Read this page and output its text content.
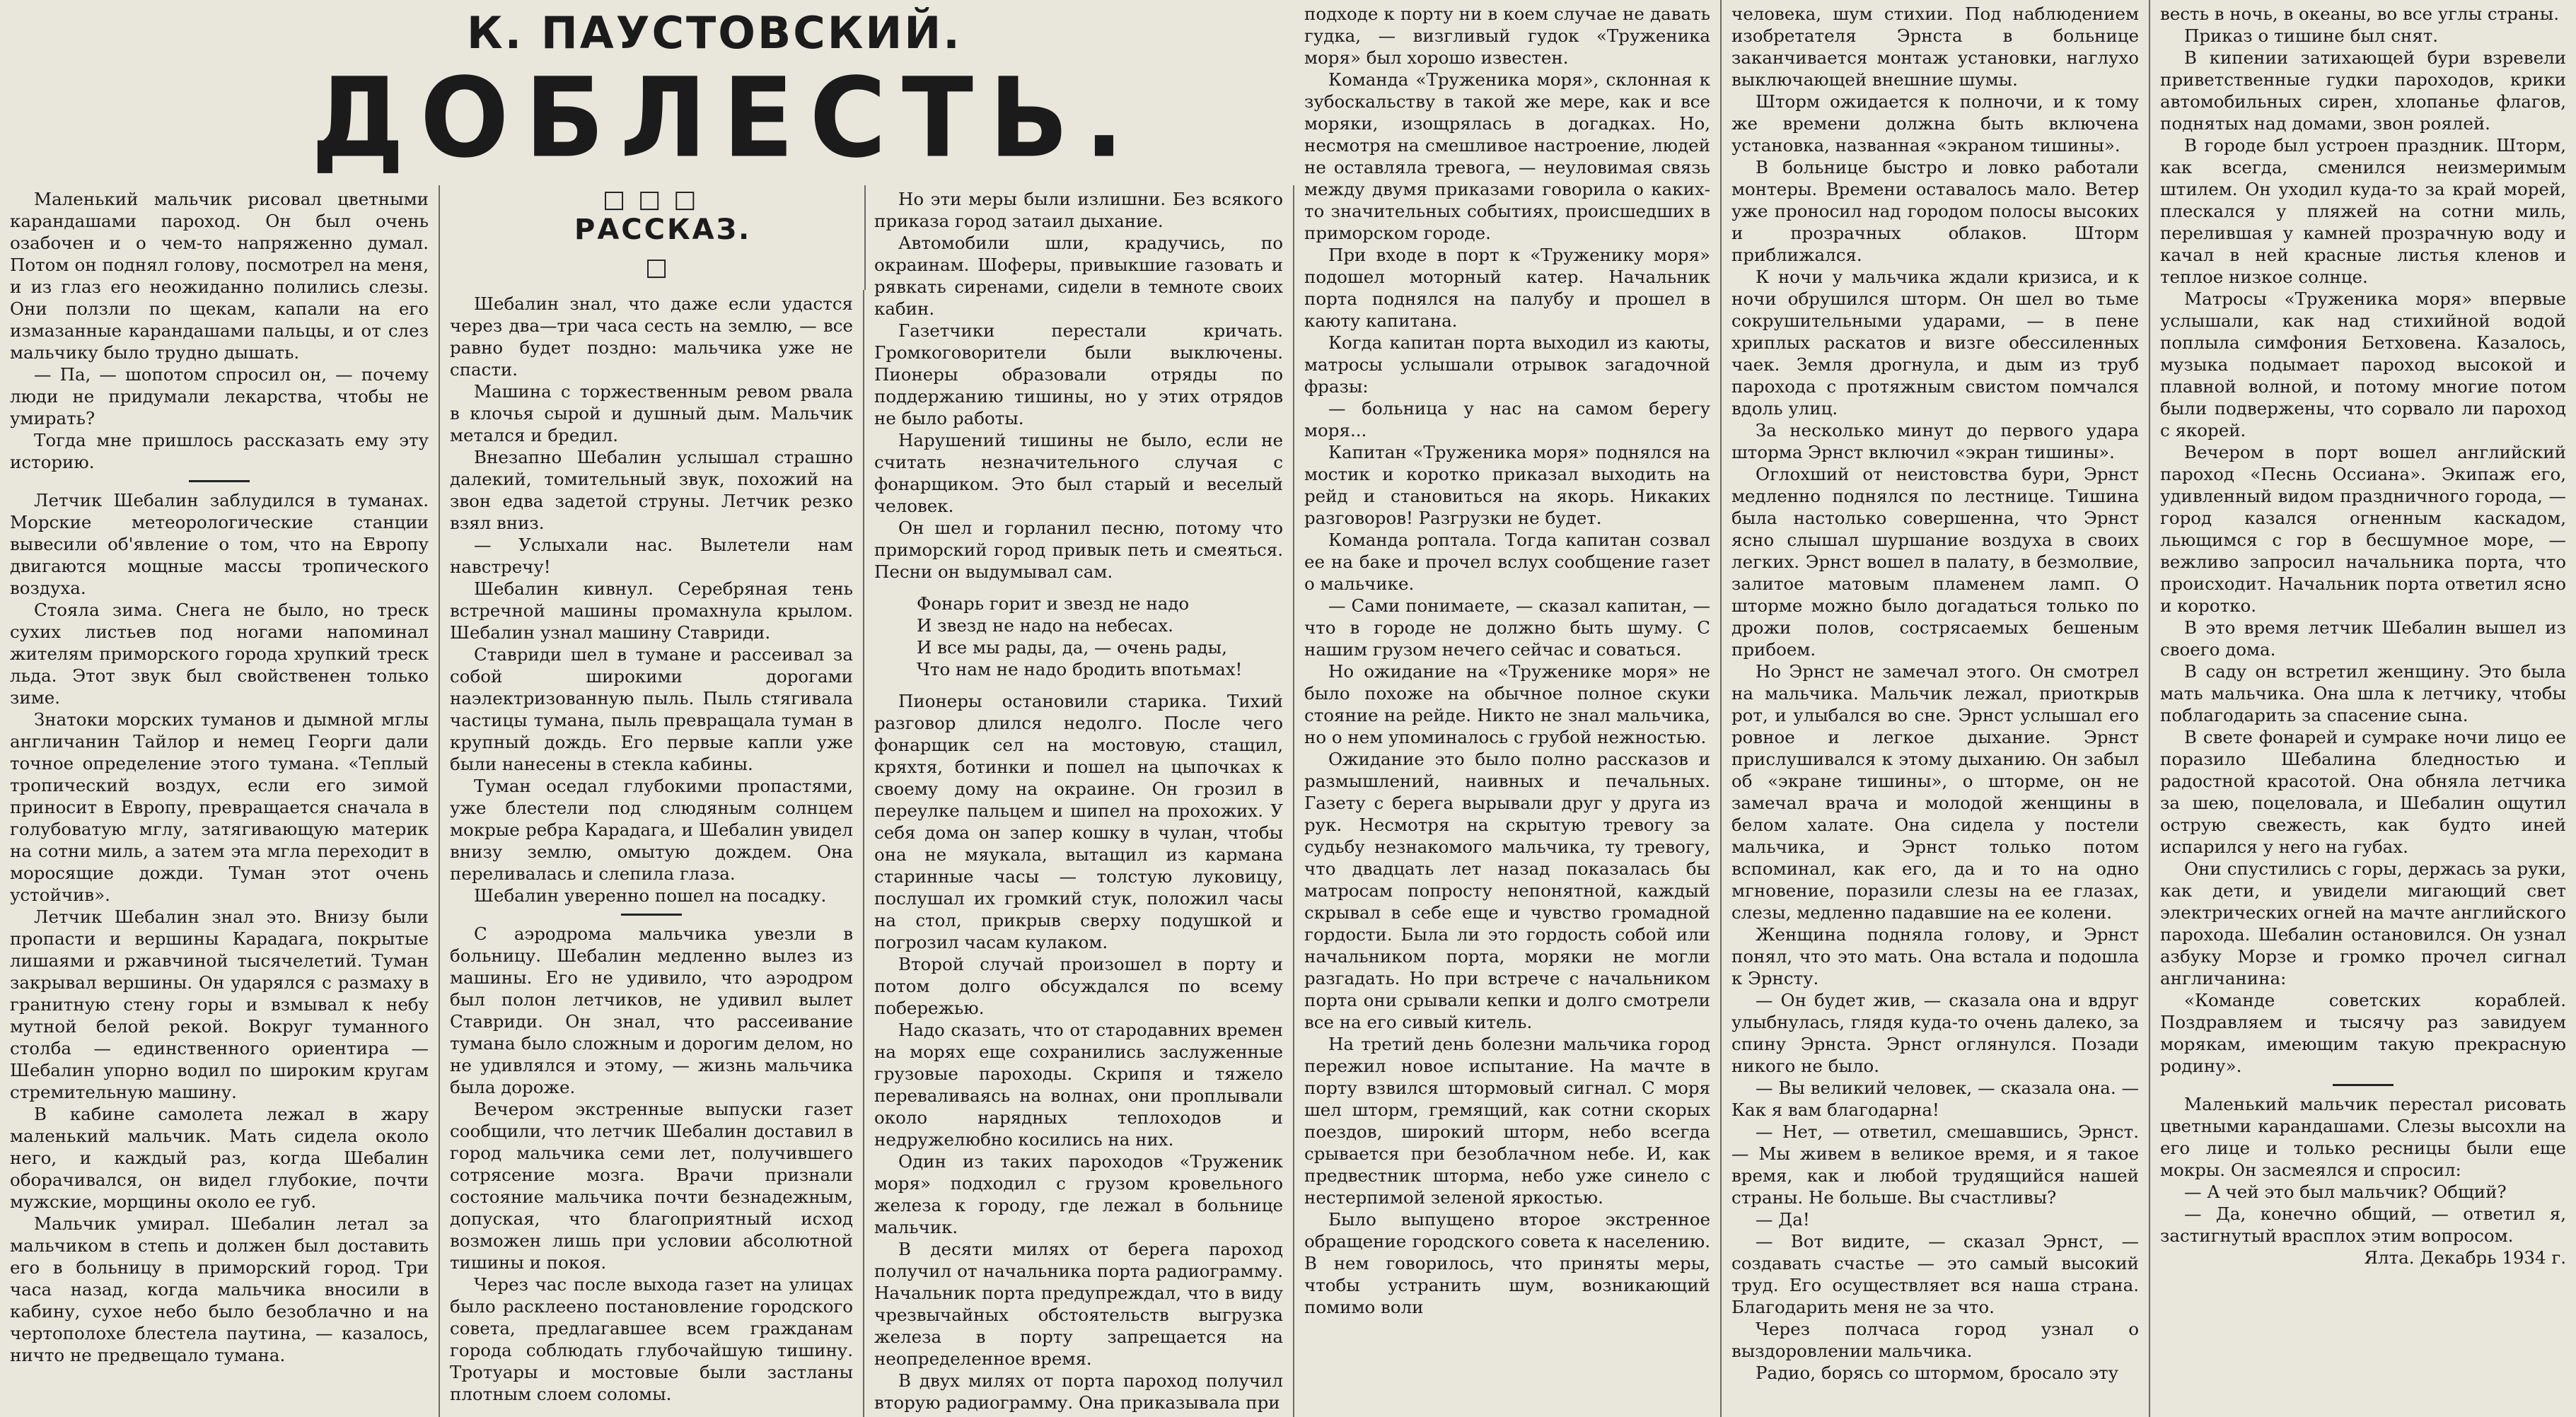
К. ПАУСТОВСКИЙ.
ДОБЛЕСТЬ.
□□□
РАССКАЗ.
□

Маленький мальчик рисовал цветными карандашами пароход. Он был очень озабочен и о чем-то напряженно думал. Потом он поднял голову, посмотрел на меня, и из глаз его неожиданно полились слезы. Они ползли по щекам, капали на его измазанные карандашами пальцы, и от слез мальчику было трудно дышать.

— Па, — шопотом спросил он, — почему люди не придумали лекарства, чтобы не умирать?

Тогда мне пришлось рассказать ему эту историю.

Летчик Шебалин заблудился в туманах. Морские метеорологические станции вывесили об'явление о том, что на Европу двигаются мощные массы тропического воздуха.

Стояла зима. Снега не было, но треск сухих листьев под ногами напоминал жителям приморского города хрупкий треск льда. Этот звук был свойственен только зиме.

Знатоки морских туманов и дымной мглы англичанин Тайлор и немец Георги дали точное определение этого тумана. «Теплый тропический воздух, если его зимой приносит в Европу, превращается сначала в голубоватую мглу, затягивающую материк на сотни миль, а затем эта мгла переходит в моросящие дожди. Туман этот очень устойчив».

Летчик Шебалин знал это. Внизу были пропасти и вершины Карадага, покрытые лишаями и ржавчиной тысячелетий. Туман закрывал вершины. Он ударялся с размаху в гранитную стену горы и взмывал к небу мутной белой рекой. Вокруг туманного столба — единственного ориентира — Шебалин упорно водил по широким кругам стремительную машину.

В кабине самолета лежал в жару маленький мальчик. Мать сидела около него, и каждый раз, когда Шебалин оборачивался, он видел глубокие, почти мужские, морщины около ее губ.

Мальчик умирал. Шебалин летал за мальчиком в степь и должен был доставить его в больницу в приморский город. Три часа назад, когда мальчика вносили в кабину, сухое небо было безоблачно и на чертополохе блестела паутина, — казалось, ничто не предвещало тумана.

Шебалин знал, что даже если удастся через два—три часа сесть на землю, — все равно будет поздно: мальчика уже не спасти.

Машина с торжественным ревом рвала в клочья сырой и душный дым. Мальчик метался и бредил.

Внезапно Шебалин услышал страшно далекий, томительный звук, похожий на звон едва задетой струны. Летчик резко взял вниз.

— Услыхали нас. Вылетели нам навстречу!

Шебалин кивнул. Серебряная тень встречной машины промахнула крылом. Шебалин узнал машину Ставриди.

Ставриди шел в тумане и рассеивал за собой широкими дорогами наэлектризованную пыль. Пыль стягивала частицы тумана, пыль превращала туман в крупный дождь. Его первые капли уже были нанесены в стекла кабины.

Туман оседал глубокими пропастями, уже блестели под слюдяным солнцем мокрые ребра Карадага, и Шебалин увидел внизу землю, омытую дождем. Она переливалась и слепила глаза.

Шебалин уверенно пошел на посадку.

С аэродрома мальчика увезли в больницу. Шебалин медленно вылез из машины. Его не удивило, что аэродром был полон летчиков, не удивил вылет Ставриди. Он знал, что рассеивание тумана было сложным и дорогим делом, но не удивлялся и этому, — жизнь мальчика была дороже.

Вечером экстренные выпуски газет сообщили, что летчик Шебалин доставил в город мальчика семи лет, получившего сотрясение мозга. Врачи признали состояние мальчика почти безнадежным, допуская, что благоприятный исход возможен лишь при условии абсолютной тишины и покоя.

Через час после выхода газет на улицах было расклеено постановление городского совета, предлагавшее всем гражданам города соблюдать глубочайшую тишину. Тротуары и мостовые были застланы плотным слоем соломы.

Но эти меры были излишни. Без всякого приказа город затаил дыхание.

Автомобили шли, крадучись, по окраинам. Шоферы, привыкшие газовать и рявкать сиренами, сидели в темноте своих кабин.

Газетчики перестали кричать. Громкоговорители были выключены. Пионеры образовали отряды по поддержанию тишины, но у этих отрядов не было работы.

Нарушений тишины не было, если не считать незначительного случая с фонарщиком. Это был старый и веселый человек.

Он шел и горланил песню, потому что приморский город привык петь и смеяться. Песни он выдумывал сам.

Фонарь горит и звезд не надо
И звезд не надо на небесах.
И все мы рады, да, — очень рады,
Что нам не надо бродить впотьмах!

Пионеры остановили старика. Тихий разговор длился недолго. После чего фонарщик сел на мостовую, стащил, кряхтя, ботинки и пошел на цыпочках к своему дому на окраине. Он грозил в переулке пальцем и шипел на прохожих. У себя дома он запер кошку в чулан, чтобы она не мяукала, вытащил из кармана старинные часы — толстую луковицу, послушал их громкий стук, положил часы на стол, прикрыв сверху подушкой и погрозил часам кулаком.

Второй случай произошел в порту и потом долго обсуждался по всему побережью.

Надо сказать, что от стародавних времен на морях еще сохранились заслуженные грузовые пароходы. Скрипя и тяжело переваливаясь на волнах, они проплывали около нарядных теплоходов и недружелюбно косились на них.

Один из таких пароходов «Труженик моря» подходил с грузом кровельного железа к городу, где лежал в больнице мальчик.

В десяти милях от берега пароход получил от начальника порта радиограмму. Начальник порта предупреждал, что в виду чрезвычайных обстоятельств выгрузка железа в порту запрещается на неопределенное время.

В двух милях от порта пароход получил вторую радиограмму. Она приказывала при

подходе к порту ни в коем случае не давать гудка, — визгливый гудок «Труженика моря» был хорошо известен.

Команда «Труженика моря», склонная к зубоскальству в такой же мере, как и все моряки, изощрялась в догадках. Но, несмотря на смешливое настроение, людей не оставляла тревога, — неуловимая связь между двумя приказами говорила о каких-то значительных событиях, происшедших в приморском городе.

При входе в порт к «Труженику моря» подошел моторный катер. Начальник порта поднялся на палубу и прошел в каюту капитана.

Когда капитан порта выходил из каюты, матросы услышали отрывок загадочной фразы:

— больница у нас на самом берегу моря...

Капитан «Труженика моря» поднялся на мостик и коротко приказал выходить на рейд и становиться на якорь. Никаких разговоров! Разгрузки не будет.

Команда роптала. Тогда капитан созвал ее на баке и прочел вслух сообщение газет о мальчике.

— Сами понимаете, — сказал капитан, — что в городе не должно быть шуму. С нашим грузом нечего сейчас и соваться.

Но ожидание на «Труженике моря» не было похоже на обычное полное скуки стояние на рейде. Никто не знал мальчика, но о нем упоминалось с грубой нежностью.

Ожидание это было полно рассказов и размышлений, наивных и печальных. Газету с берега вырывали друг у друга из рук. Несмотря на скрытую тревогу за судьбу незнакомого мальчика, ту тревогу, что двадцать лет назад показалась бы матросам попросту непонятной, каждый скрывал в себе еще и чувство громадной гордости. Была ли это гордость собой или начальником порта, моряки не могли разгадать. Но при встрече с начальником порта они срывали кепки и долго смотрели все на его сивый китель.

На третий день болезни мальчика город пережил новое испытание. На мачте в порту взвился штормовый сигнал. С моря шел шторм, гремящий, как сотни скорых поездов, широкий шторм, небо всегда срывается при безоблачном небе. И, как предвестник шторма, небо уже синело с нестерпимой зеленой яркостью.

Было выпущено второе экстренное обращение городского совета к населению. В нем говорилось, что приняты меры, чтобы устранить шум, возникающий помимо воли

человека, шум стихии. Под наблюдением изобретателя Эрнста в больнице заканчивается монтаж установки, наглухо выключающей внешние шумы.

Шторм ожидается к полночи, и к тому же времени должна быть включена установка, названная «экраном тишины».

В больнице быстро и ловко работали монтеры. Времени оставалось мало. Ветер уже проносил над городом полосы высоких и прозрачных облаков. Шторм приближался.

К ночи у мальчика ждали кризиса, и к ночи обрушился шторм. Он шел во тьме сокрушительными ударами, — в пене хриплых раскатов и визге обессиленных чаек. Земля дрогнула, и дым из труб парохода с протяжным свистом помчался вдоль улиц.

За несколько минут до первого удара шторма Эрнст включил «экран тишины».

Оглохший от неистовства бури, Эрнст медленно поднялся по лестнице. Тишина была настолько совершенна, что Эрнст ясно слышал шуршание воздуха в своих легких. Эрнст вошел в палату, в безмолвие, залитое матовым пламенем ламп. О шторме можно было догадаться только по дрожи полов, сострясаемых бешеным прибоем.

Но Эрнст не замечал этого. Он смотрел на мальчика. Мальчик лежал, приоткрыв рот, и улыбался во сне. Эрнст услышал его ровное и легкое дыхание. Эрнст прислушивался к этому дыханию. Он забыл об «экране тишины», о шторме, он не замечал врача и молодой женщины в белом халате. Она сидела у постели мальчика, и Эрнст только потом вспоминал, как его, да и то на одно мгновение, поразили слезы на ее глазах, слезы, медленно падавшие на ее колени.

Женщина подняла голову, и Эрнст понял, что это мать. Она встала и подошла к Эрнсту.

— Он будет жив, — сказала она и вдруг улыбнулась, глядя куда-то очень далеко, за спину Эрнста. Эрнст оглянулся. Позади никого не было.

— Вы великий человек, — сказала она. — Как я вам благодарна!

— Нет, — ответил, смешавшись, Эрнст. — Мы живем в великое время, и я такое время, как и любой трудящийся нашей страны. Не больше. Вы счастливы?

— Да!

— Вот видите, — сказал Эрнст, — создавать счастье — это самый высокий труд. Его осуществляет вся наша страна. Благодарить меня не за что.

Через полчаса город узнал о выздоровлении мальчика.

Радио, борясь со штормом, бросало эту

весть в ночь, в океаны, во все углы страны.

Приказ о тишине был снят.

В кипении затихающей бури взревели приветственные гудки пароходов, крики автомобильных сирен, хлопанье флагов, поднятых над домами, звон роялей.

В городе был устроен праздник. Шторм, как всегда, сменился неизмеримым штилем. Он уходил куда-то за край морей, плескался у пляжей на сотни миль, перелившая у камней прозрачную воду и качал в ней красные листья кленов и теплое низкое солнце.

Матросы «Труженика моря» впервые услышали, как над стихийной водой поплыла симфония Бетховена. Казалось, музыка подымает пароход высокой и плавной волной, и потому многие потом были подвержены, что сорвало ли пароход с якорей.

Вечером в порт вошел английский пароход «Песнь Оссиана». Экипаж его, удивленный видом праздничного города, — город казался огненным каскадом, льющимся с гор в бесшумное море, — вежливо запросил начальника порта, что происходит. Начальник порта ответил ясно и коротко.

В это время летчик Шебалин вышел из своего дома.

В саду он встретил женщину. Это была мать мальчика. Она шла к летчику, чтобы поблагодарить за спасение сына.

В свете фонарей и сумраке ночи лицо ее поразило Шебалина бледностью и радостной красотой. Она обняла летчика за шею, поцеловала, и Шебалин ощутил острую свежесть, как будто иней испарился у него на губах.

Они спустились с горы, держась за руки, как дети, и увидели мигающий свет электрических огней на мачте английского парохода. Шебалин остановился. Он узнал азбуку Морзе и громко прочел сигнал англичанина:

«Команде советских кораблей. Поздравляем и тысячу раз завидуем морякам, имеющим такую прекрасную родину».

Маленький мальчик перестал рисовать цветными карандашами. Слезы высохли на его лице и только ресницы были еще мокры. Он засмеялся и спросил:

— А чей это был мальчик? Общий?

— Да, конечно общий, — ответил я, застигнутый врасплох этим вопросом.

Ялта. Декабрь 1934 г.
